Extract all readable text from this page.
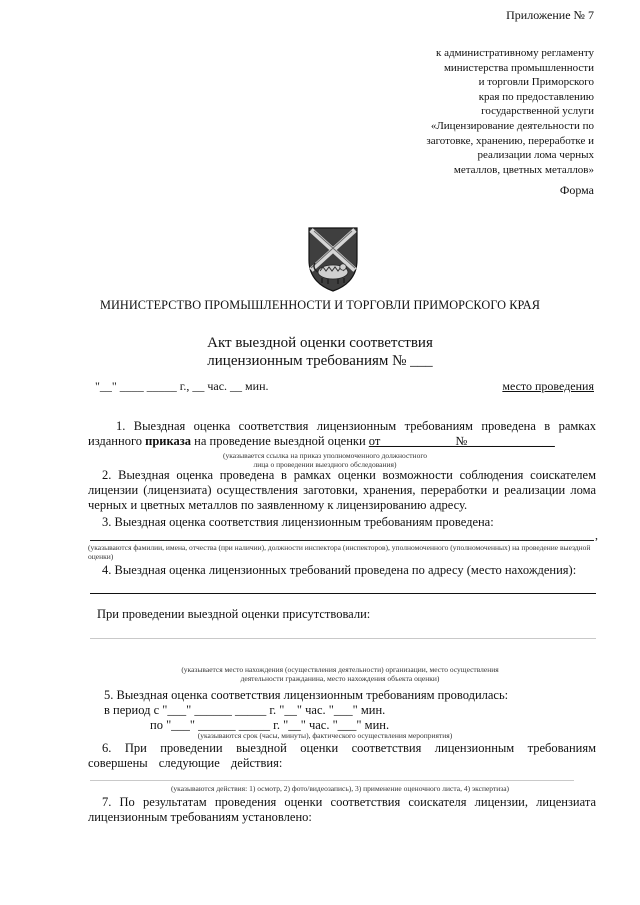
Приложение № 7
к административному регламенту
министерства промышленности
и торговли Приморского
края по предоставлению
государственной услуги
«Лицензирование деятельности по
заготовке, хранению, переработке и
реализации лома черных
металлов, цветных металлов»
Форма
МИНИСТЕРСТВО ПРОМЫШЛЕННОСТИ И ТОРГОВЛИ ПРИМОРСКОГО КРАЯ
Акт выездной оценки соответствия
лицензионным требованиям № ___
"__" ____ _____ г., __ час. __ мин.	место проведения
1. Выездная оценка соответствия лицензионным требованиям проведена в рамках изданного приказа на проведение выездной оценки от____________№______________
(указывается ссылка на приказ уполномоченного должностного
лица о проведении выездного обследования)
2. Выездная оценка проведена в рамках оценки возможности соблюдения соискателем лицензии (лицензиата) осуществления заготовки, хранения, переработки и реализации лома черных и цветных металлов по заявленному к лицензированию адресу.
3. Выездная оценка соответствия лицензионным требованиям проведена:
,
(указываются фамилии, имена, отчества (при наличии), должности инспектора (инспекторов), уполномоченного (уполномоченных) на проведение выездной оценки)
4. Выездная оценка лицензионных требований проведена по адресу (место нахождения):
При проведении выездной оценки присутствовали:
(указывается место нахождения (осуществления деятельности) организации, место осуществления
деятельности гражданина, место нахождения объекта оценки)
5. Выездная оценка соответствия лицензионным требованиям проводилась:
в период с "___" ______ _____ г. "__" час. "___" мин.
по "___" ______ _____ г. "__" час. "___" мин.
(указываются срок (часы, минуты), фактического осуществления мероприятия)
6. При проведении выездной оценки соответствия лицензионным требованиям совершены следующие действия:
(указываются действия: 1) осмотр, 2) фото/видеозапись), 3) применение оценочного листа, 4) экспертиза)
7. По результатам проведения оценки соответствия соискателя лицензии, лицензиата лицензионным требованиям установлено:
